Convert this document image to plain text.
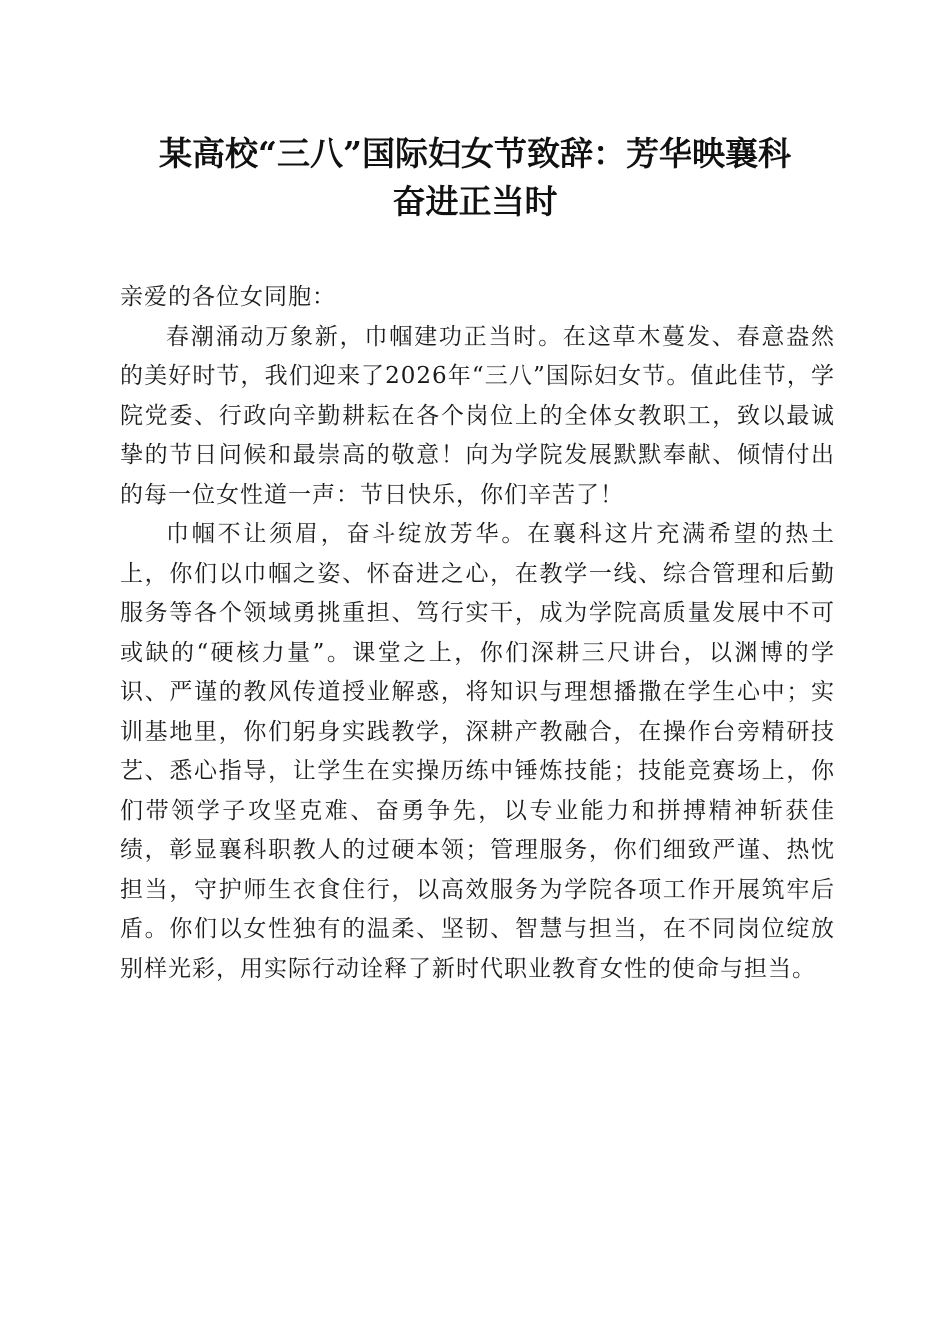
某高校“三八”国际妇女节致辞：芳华映襄科
奋进正当时

亲爱的各位女同胞：

春潮涌动万象新，巾帼建功正当时。在这草木蔓发、春意盎然的美好时节，我们迎来了2026年“三八”国际妇女节。值此佳节，学院党委、行政向辛勤耕耘在各个岗位上的全体女教职工，致以最诚挚的节日问候和最崇高的敬意！向为学院发展默默奉献、倾情付出的每一位女性道一声：节日快乐，你们辛苦了！

巾帼不让须眉，奋斗绽放芳华。在襄科这片充满希望的热土上，你们以巾帼之姿、怀奋进之心，在教学一线、综合管理和后勤服务等各个领域勇挑重担、笃行实干，成为学院高质量发展中不可或缺的“硬核力量”。课堂之上，你们深耕三尺讲台，以渊博的学识、严谨的教风传道授业解惑，将知识与理想播撒在学生心中；实训基地里，你们躬身实践教学，深耕产教融合，在操作台旁精研技艺、悉心指导，让学生在实操历练中锤炼技能；技能竞赛场上，你们带领学子攻坚克难、奋勇争先，以专业能力和拼搏精神斩获佳绩，彰显襄科职教人的过硬本领；管理服务，你们细致严谨、热忱担当，守护师生衣食住行，以高效服务为学院各项工作开展筑牢后盾。你们以女性独有的温柔、坚韧、智慧与担当，在不同岗位绽放别样光彩，用实际行动诠释了新时代职业教育女性的使命与担当。
